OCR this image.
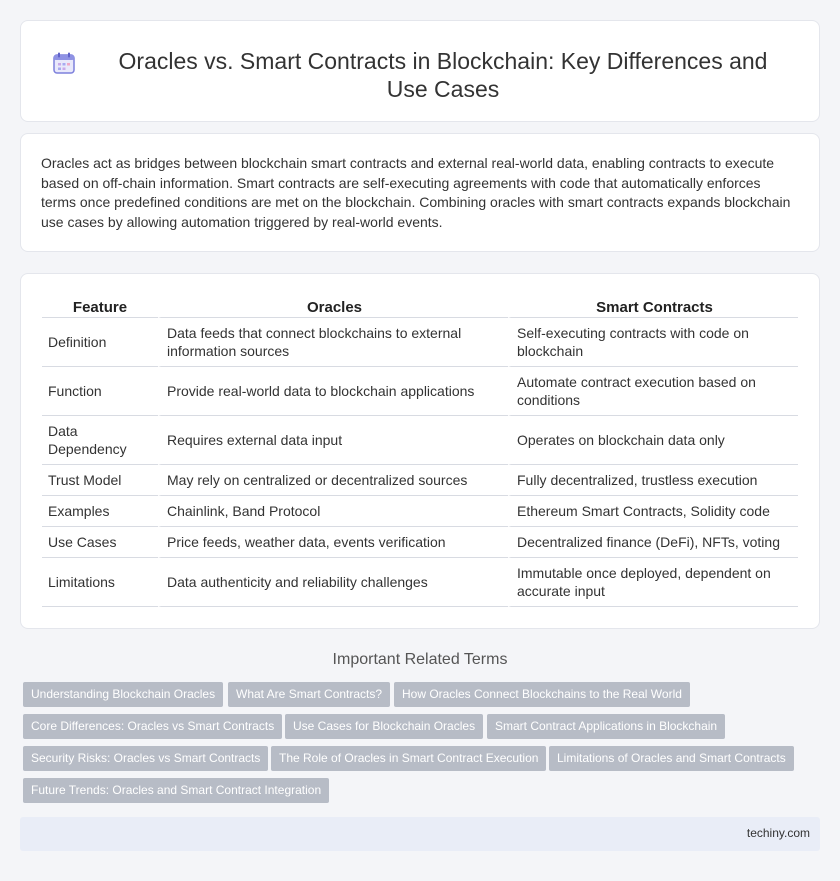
Oracles vs. Smart Contracts in Blockchain: Key Differences and Use Cases

Oracles act as bridges between blockchain smart contracts and external real-world data, enabling contracts to execute based on off-chain information. Smart contracts are self-executing agreements with code that automatically enforces terms once predefined conditions are met on the blockchain. Combining oracles with smart contracts expands blockchain use cases by allowing automation triggered by real-world events.

Feature	Oracles	Smart Contracts
Definition	Data feeds that connect blockchains to external information sources	Self-executing contracts with code on blockchain
Function	Provide real-world data to blockchain applications	Automate contract execution based on conditions
Data Dependency	Requires external data input	Operates on blockchain data only
Trust Model	May rely on centralized or decentralized sources	Fully decentralized, trustless execution
Examples	Chainlink, Band Protocol	Ethereum Smart Contracts, Solidity code
Use Cases	Price feeds, weather data, events verification	Decentralized finance (DeFi), NFTs, voting
Limitations	Data authenticity and reliability challenges	Immutable once deployed, dependent on accurate input
Important Related Terms
Understanding Blockchain Oracles	What Are Smart Contracts?	How Oracles Connect Blockchains to the Real World
Core Differences: Oracles vs Smart Contracts	Use Cases for Blockchain Oracles	Smart Contract Applications in Blockchain
Security Risks: Oracles vs Smart Contracts	The Role of Oracles in Smart Contract Execution	Limitations of Oracles and Smart Contracts
Future Trends: Oracles and Smart Contract Integration
techiny.com
